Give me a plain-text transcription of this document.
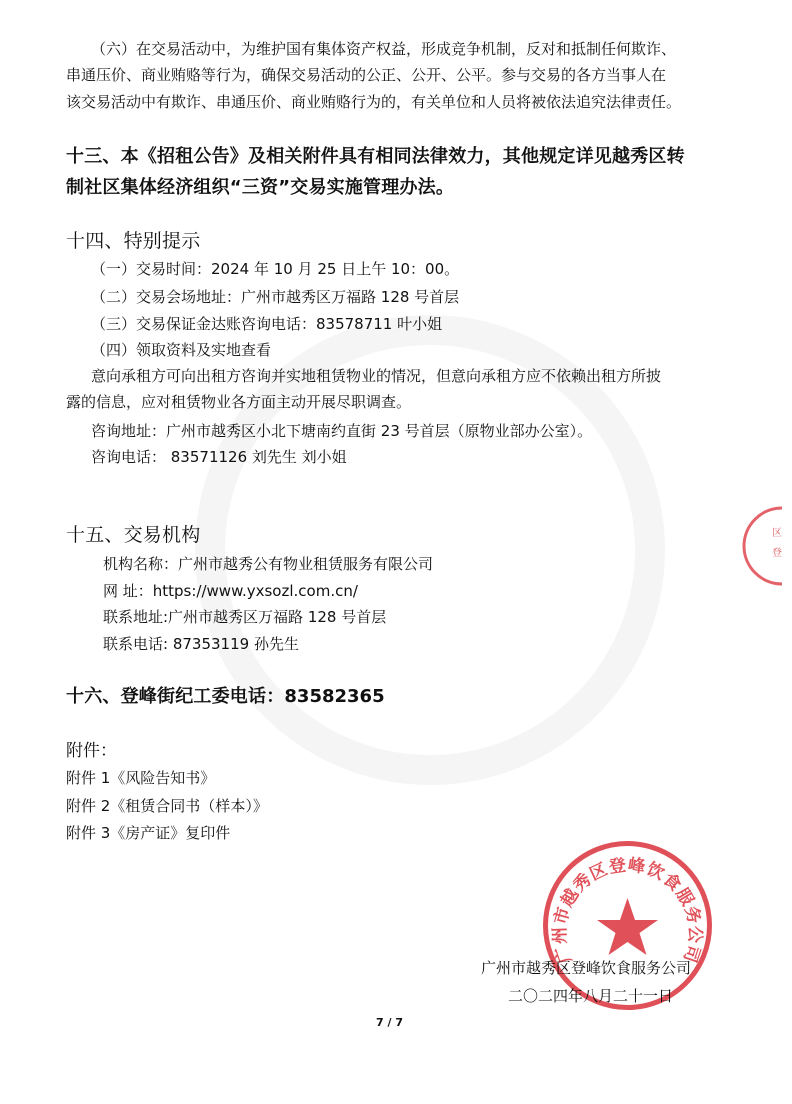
（六）在交易活动中，为维护国有集体资产权益，形成竞争机制，反对和抵制任何欺诈、
串通压价、商业贿赂等行为，确保交易活动的公正、公开、公平。参与交易的各方当事人在
该交易活动中有欺诈、串通压价、商业贿赂行为的，有关单位和人员将被依法追究法律责任。
十三、本《招租公告》及相关附件具有相同法律效力，其他规定详见越秀区转
制社区集体经济组织“三资”交易实施管理办法。
十四、特别提示
（一）交易时间：2024 年 10 月 25 日上午 10：00。
（二）交易会场地址：广州市越秀区万福路 128 号首层
（三）交易保证金达账咨询电话：83578711 叶小姐
（四）领取资料及实地查看
意向承租方可向出租方咨询并实地租赁物业的情况，但意向承租方应不依赖出租方所披
露的信息，应对租赁物业各方面主动开展尽职调查。
咨询地址：广州市越秀区小北下塘南约直街 23 号首层（原物业部办公室）。
咨询电话： 83571126 刘先生 刘小姐
十五、交易机构
机构名称：广州市越秀公有物业租赁服务有限公司
网 址：https://www.yxsozl.com.cn/
联系地址:广州市越秀区万福路 128 号首层
联系电话: 87353119 孙先生
十六、登峰街纪工委电话：83582365
附件：
附件 1《风险告知书》
附件 2《租赁合同书（样本）》
附件 3《房产证》复印件
广州市越秀区登峰饮食服务公司
区
登
广州市越秀区登峰饮食服务公司
二〇二四年八月二十一日
7 / 7
